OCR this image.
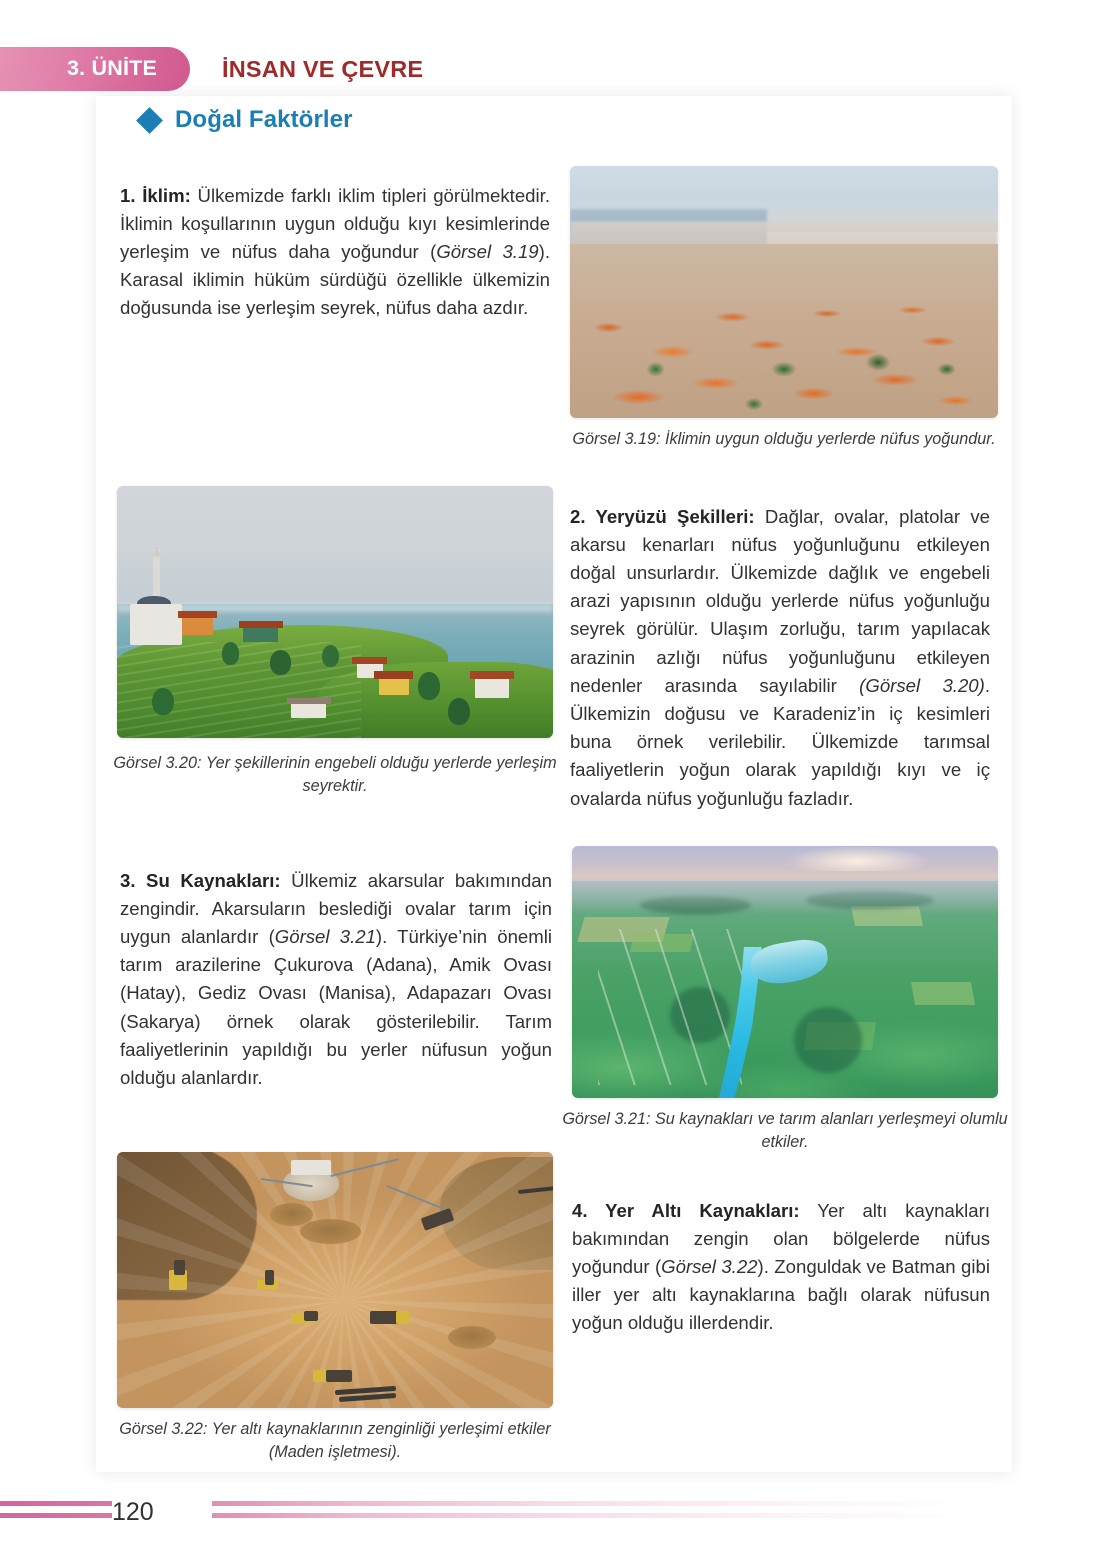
3. ÜNİTE	İNSAN VE ÇEVRE
Doğal Faktörler

1. İklim: Ülkemizde farklı iklim tipleri görülmektedir. İklimin koşullarının uygun olduğu kıyı kesimlerinde yerleşim ve nüfus daha yoğundur (Görsel 3.19). Karasal iklimin hüküm sürdüğü özellikle ülkemizin doğusunda ise yerleşim seyrek, nüfus daha azdır.

Görsel 3.19: İklimin uygun olduğu yerlerde nüfus yoğundur.

2. Yeryüzü Şekilleri: Dağlar, ovalar, platolar ve akarsu kenarları nüfus yoğunluğunu etkileyen doğal unsurlardır. Ülkemizde dağlık ve engebeli arazi yapısının olduğu yerlerde nüfus yoğunluğu seyrek görülür. Ulaşım zorluğu, tarım yapılacak arazinin azlığı nüfus yoğunluğunu etkileyen nedenler arasında sayılabilir (Görsel 3.20). Ülkemizin doğusu ve Karadeniz’in iç kesimleri buna örnek verilebilir. Ülkemizde tarımsal faaliyetlerin yoğun olarak yapıldığı kıyı ve iç ovalarda nüfus yoğunluğu fazladır.

Görsel 3.20: Yer şekillerinin engebeli olduğu yerlerde yerleşim seyrektir.

3. Su Kaynakları: Ülkemiz akarsular bakımından zengindir. Akarsuların beslediği ovalar tarım için uygun alanlardır (Görsel 3.21). Türkiye’nin önemli tarım arazilerine Çukurova (Adana), Amik Ovası (Hatay), Gediz Ovası (Manisa), Adapazarı Ovası (Sakarya) örnek olarak gösterilebilir. Tarım faaliyetlerinin yapıldığı bu yerler nüfusun yoğun olduğu alanlardır.

Görsel 3.21: Su kaynakları ve tarım alanları yerleşmeyi olumlu etkiler.

4. Yer Altı Kaynakları: Yer altı kaynakları bakımından zengin olan bölgelerde nüfus yoğundur (Görsel 3.22). Zonguldak ve Batman gibi iller yer altı kaynaklarına bağlı olarak nüfusun yoğun olduğu illerdendir.

Görsel 3.22: Yer altı kaynaklarının zenginliği yerleşimi etkiler (Maden işletmesi).
120
